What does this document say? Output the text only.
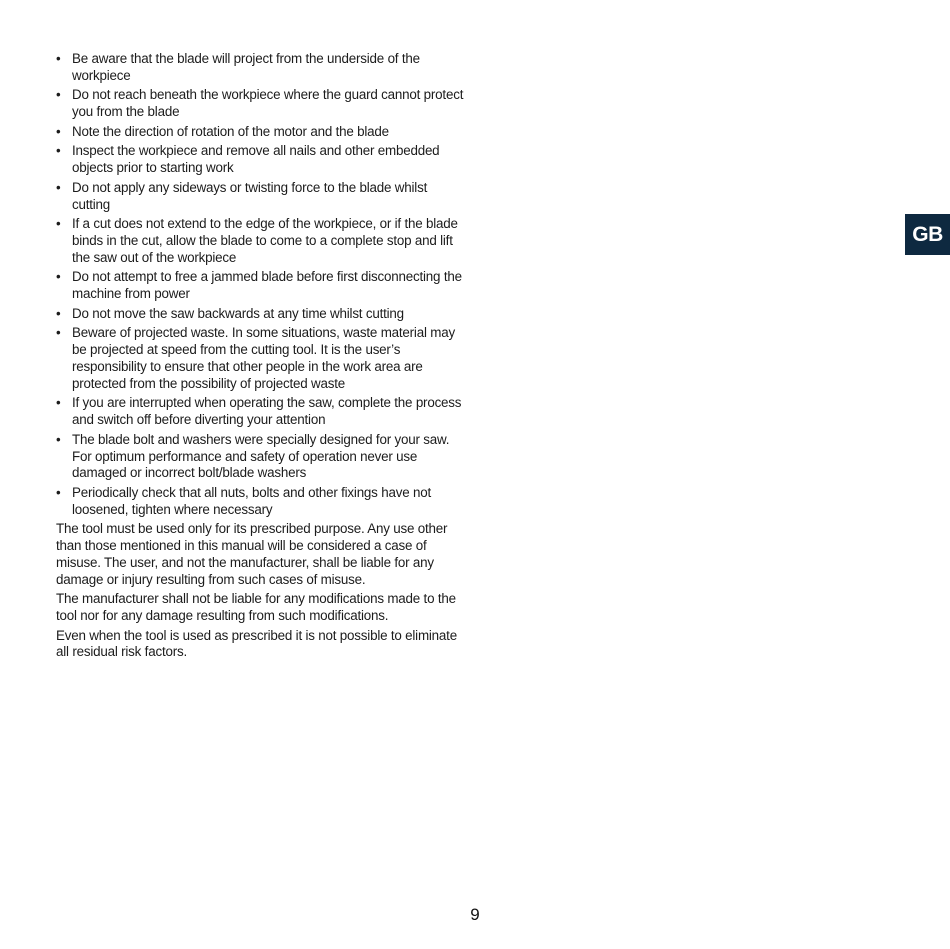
• Be aware that the blade will project from the underside of the workpiece
• Do not reach beneath the workpiece where the guard cannot protect you from the blade
• Note the direction of rotation of the motor and the blade
• Inspect the workpiece and remove all nails and other embedded objects prior to starting work
• Do not apply any sideways or twisting force to the blade whilst cutting
• If a cut does not extend to the edge of the workpiece, or if the blade binds in the cut, allow the blade to come to a complete stop and lift the saw out of the workpiece
• Do not attempt to free a jammed blade before first disconnecting the machine from power
• Do not move the saw backwards at any time whilst cutting
• Beware of projected waste. In some situations, waste material may be projected at speed from the cutting tool. It is the user’s responsibility to ensure that other people in the work area are protected from the possibility of projected waste
• If you are interrupted when operating the saw, complete the process and switch off before diverting your attention
• The blade bolt and washers were specially designed for your saw. For optimum performance and safety of operation never use damaged or incorrect bolt/blade washers
• Periodically check that all nuts, bolts and other fixings have not loosened, tighten where necessary

The tool must be used only for its prescribed purpose. Any use other than those mentioned in this manual will be considered a case of misuse. The user, and not the manufacturer, shall be liable for any damage or injury resulting from such cases of misuse.

The manufacturer shall not be liable for any modifications made to the tool nor for any damage resulting from such modifications.

Even when the tool is used as prescribed it is not possible to eliminate all residual risk factors.

GB
9
